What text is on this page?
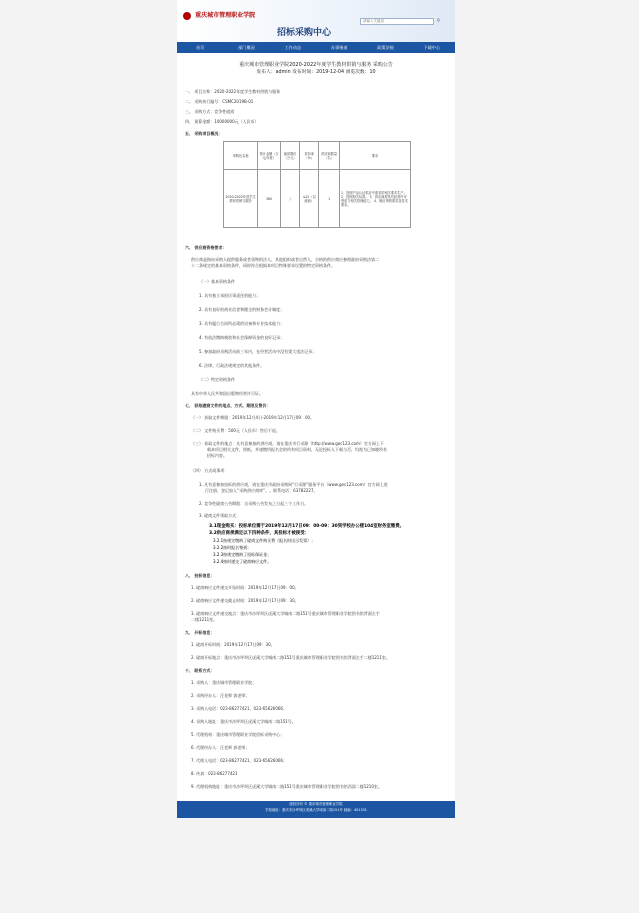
重庆城市管理职业学院
招标采购中心
请输入关键词
⚲
首页	部门概况	工作动态	办事指南	政策法规	下载中心
重庆城市管理职业学院2020-2022年度学生教材供销与服务 采购公告
发布人：admin 发布时间：2019-12-04 浏览次数：10
一、 项目名称：2020-2022年度学生教材供销与服务
二、 采购执行编号：CSMC2019B-01
三、 采购方式：竞争性磋商
四、 预算金额：10000000元（人民币）
五、 采购项目概况：
采购包名称	预计金额（万元/年度）	最高限价（万元）	折扣率（%）	供应商数量（名）	要求
2020-2022年度学生教材供销与服务	360	/	≤22（以磋商）	1	1、按照产品认证供应中需求的相关要求生产。 2、按照相关标准。 3、供应商需具有经营许可资质与相关管理能力。 4、响应采购需求及技术要求。
六、 供应商资格要求：
供应商是指向采购人提供服务或者货物的法人、其他组织或者自然人，合格的供应商应参照政府采购法第二
十二条规定的基本资格条件，同时符合根据本项目特殊要求设置的特定资格条件。
（一）基本资格条件
1. 具有独立承担民事责任的能力；
2. 具有良好的商业信誉和健全的财务会计制度；
3. 具有履行合同所必需的设备和专业技术能力；
4. 有依法缴纳税收和社会保障资金的良好记录；
5. 参加政府采购活动前三年内，在经营活动中没有重大违法记录；
6. 法律、行政法规规定的其他条件。
（二）特定资格条件
具有中华人民共和国出版物经营许可证。
七、 获取磋商文件的地点、方式、期限及售价：
（一） 获取文件期限：2019年12月4日-2019年12月17日09：00。
（二） 文件购买费：500元（人民币）售后不退。
（三） 获取文件的地点：凡有意参加的供应商，请在重庆市行采源（http://www.gec123.com）官方网上下
载本项目相关文件，图纸，并递缴所报名会的所有项目资料，无论投标人下载与否，均视为已知晓所有
招标内容。
（四） 方式或事项：
1. 凡有意参加投标的供应商，请在重庆市政府采购网“行采源”服务平台（www.gec123.com）官方网上进
行注册，登记加入“采购供应商库”。。联系电话：63782227。
2. 竞争性磋商公告期限：自采购公告发布之日起三个工作日。
3. 磋商文件领取方式：
3.1现金购买：投标单位需于2019年12月17日09：00-09：30到学校办公楼104室财务室缴费。
3.2供应商须满足以下四种条件，其投标才被接受：
3.2.1按规定缴纳了磋商文件购买费（报名时出示发票）；
3.2.2按时报名签到；
3.2.3按规定缴纳了投标保证金；
3.2.4按时递交了磋商响应文件。
八、 投标信息：
1. 磋商响应文件递交开始时间：2019年12月17日09：00。
2. 磋商响应文件递交截止时间：2019年12月17日09：30。
3. 磋商响应文件递交地点：重庆市沙坪坝区虎溪大学城南二路151号重庆城市管理职业学院图书馆背面左手
二楼1211室。
九、 开标信息：
1. 磋商开标时间：2019年12月17日09：30。
2. 磋商开标地点：重庆市沙坪坝区虎溪大学城南二路151号重庆城市管理职业学院图书馆背面左手二楼1211室。
十、 联系方式：
1. 采购人：重庆城市管理职业学院；
2. 采购经办人：汪老师 郭老师；
3. 采购人电话：023-86277421、023-65626066；
4. 采购人地址：重庆市沙坪坝区虎溪大学城南二路151号。
5. 代理机构：重庆城市管理职业学院招标采购中心；
6. 代理经办人：汪老师 郭老师；
7. 代理人电话：023-86277421、023-65626066；
8. 传真：023-86277421
9. 代理机构地址：重庆市沙坪坝区虎溪大学城南二路151号重庆城市管理职业学院图书馆西面二楼1210室。
版权所有 © 重庆城市管理职业学院
学校地址：重庆市沙坪坝区虎溪大学城南二路151号 邮编：401331
